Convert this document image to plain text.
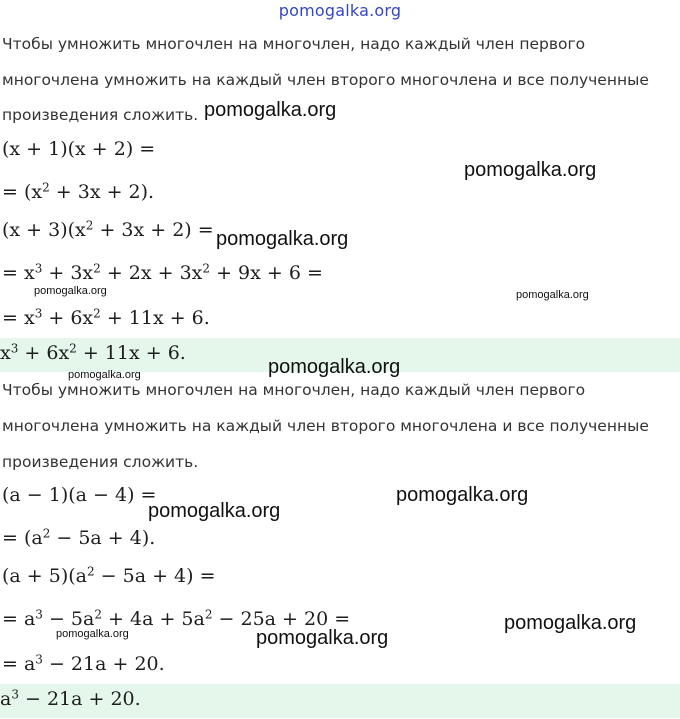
pomogalka.org
Чтобы умножить многочлен на многочлен, надо каждый член первого
многочлена умножить на каждый член второго многочлена и все полученные
произведения сложить.
(x + 1)(x + 2) =
= $(x^2 + 3x + 2)$.
$(x + 3)(x^2 + 3x + 2)$ =
= $x^3 + 3x^2 + 2x + 3x^2 + 9x + 6$ =
= $x^3 + 6x^2 + 11x + 6$.
$x^3 + 6x^2 + 11x + 6$.
Чтобы умножить многочлен на многочлен, надо каждый член первого
многочлена умножить на каждый член второго многочлена и все полученные
произведения сложить.
(a − 1)(a − 4) =
= $(a^2 - 5a + 4)$.
$(a + 5)(a^2 - 5a + 4)$ =
= $a^3 - 5a^2 + 4a + 5a^2 - 25a + 20$ =
= $a^3 - 21a + 20$.
$a^3 - 21a + 20$.
pomogalka.org
pomogalka.org
pomogalka.org
pomogalka.org	pomogalka.org
pomogalka.org
pomogalka.org
pomogalka.org
pomogalka.org
pomogalka.org
pomogalka.org	pomogalka.org
